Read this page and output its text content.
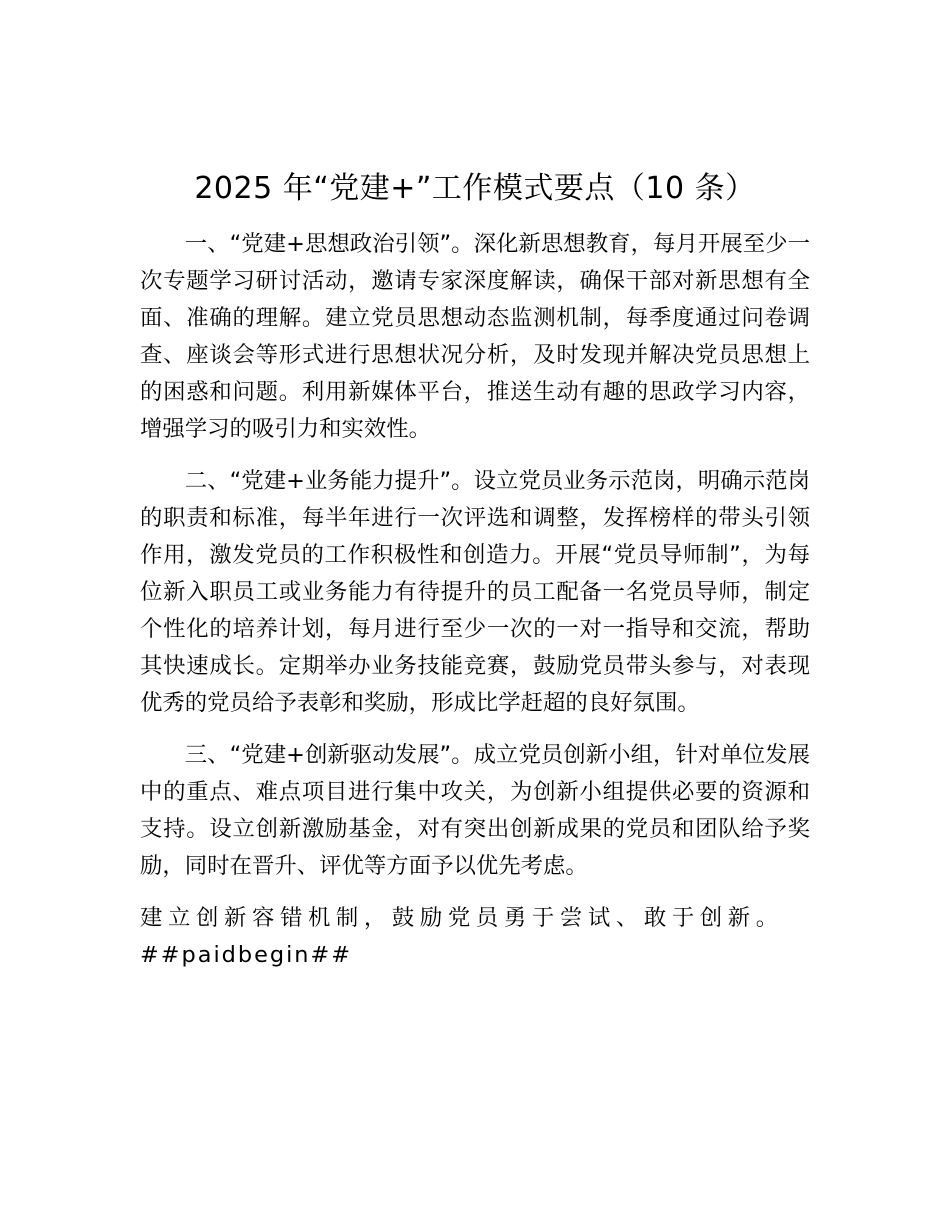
2025 年“党建+”工作模式要点（10 条）

一、“党建+思想政治引领”。深化新思想教育，每月开展至少一次专题学习研讨活动，邀请专家深度解读，确保干部对新思想有全面、准确的理解。建立党员思想动态监测机制，每季度通过问卷调查、座谈会等形式进行思想状况分析，及时发现并解决党员思想上的困惑和问题。利用新媒体平台，推送生动有趣的思政学习内容，增强学习的吸引力和实效性。

二、“党建+业务能力提升”。设立党员业务示范岗，明确示范岗的职责和标准，每半年进行一次评选和调整，发挥榜样的带头引领作用，激发党员的工作积极性和创造力。开展“党员导师制”，为每位新入职员工或业务能力有待提升的员工配备一名党员导师，制定个性化的培养计划，每月进行至少一次的一对一指导和交流，帮助其快速成长。定期举办业务技能竞赛，鼓励党员带头参与，对表现优秀的党员给予表彰和奖励，形成比学赶超的良好氛围。

三、“党建+创新驱动发展”。成立党员创新小组，针对单位发展中的重点、难点项目进行集中攻关，为创新小组提供必要的资源和支持。设立创新激励基金，对有突出创新成果的党员和团队给予奖励，同时在晋升、评优等方面予以优先考虑。

建立创新容错机制，鼓励党员勇于尝试、敢于创新。
##paidbegin##
